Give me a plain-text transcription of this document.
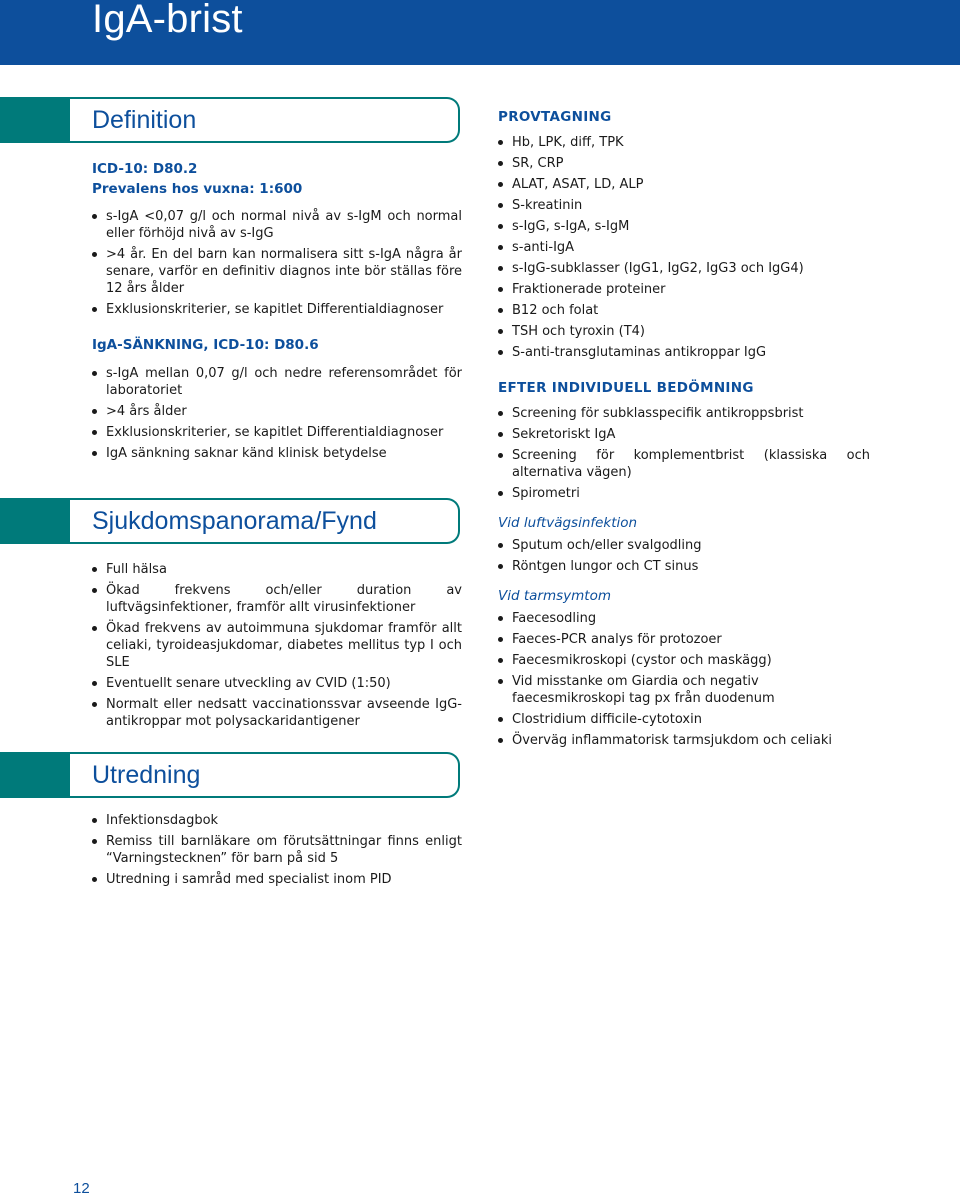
IgA-brist
Definition
ICD-10: D80.2
Prevalens hos vuxna: 1:600
s-IgA <0,07 g/l och normal nivå av s-IgM och normal eller förhöjd nivå av s-IgG
>4 år. En del barn kan normalisera sitt s-IgA några år senare, varför en definitiv diagnos inte bör ställas före 12 års ålder
Exklusionskriterier, se kapitlet Differentialdiagnoser
IgA-SÄNKNING, ICD-10: D80.6
s-IgA mellan 0,07 g/l och nedre referensområdet för laboratoriet
>4 års ålder
Exklusionskriterier, se kapitlet Differentialdiagnoser
IgA sänkning saknar känd klinisk betydelse
Sjukdomspanorama/Fynd
Full hälsa
Ökad frekvens och/eller duration av luftvägsinfektioner, framför allt virusinfektioner
Ökad frekvens av autoimmuna sjukdomar framför allt celiaki, tyroideasjukdomar, diabetes mellitus typ I och SLE
Eventuellt senare utveckling av CVID (1:50)
Normalt eller nedsatt vaccinationssvar avseende IgG-antikroppar mot polysackaridantigener
Utredning
Infektionsdagbok
Remiss till barnläkare om förutsättningar finns enligt “Varningstecknen” för barn på sid 5
Utredning i samråd med specialist inom PID
PROVTAGNING
Hb, LPK, diff, TPK
SR, CRP
ALAT, ASAT, LD, ALP
S-kreatinin
s-IgG, s-IgA, s-IgM
s-anti-IgA
s-IgG-subklasser (IgG1, IgG2, IgG3 och IgG4)
Fraktionerade proteiner
B12 och folat
TSH och tyroxin (T4)
S-anti-transglutaminas antikroppar IgG
EFTER INDIVIDUELL BEDÖMNING
Screening för subklasspecifik antikroppsbrist
Sekretoriskt IgA
Screening för komplementbrist (klassiska och alternativa vägen)
Spirometri
Vid luftvägsinfektion
Sputum och/eller svalgodling
Röntgen lungor och CT sinus
Vid tarmsymtom
Faecesodling
Faeces-PCR analys för protozoer
Faecesmikroskopi (cystor och maskägg)
Vid misstanke om Giardia och negativ faecesmikroskopi tag px från duodenum
Clostridium difficile-cytotoxin
Överväg inflammatorisk tarmsjukdom och celiaki
12
